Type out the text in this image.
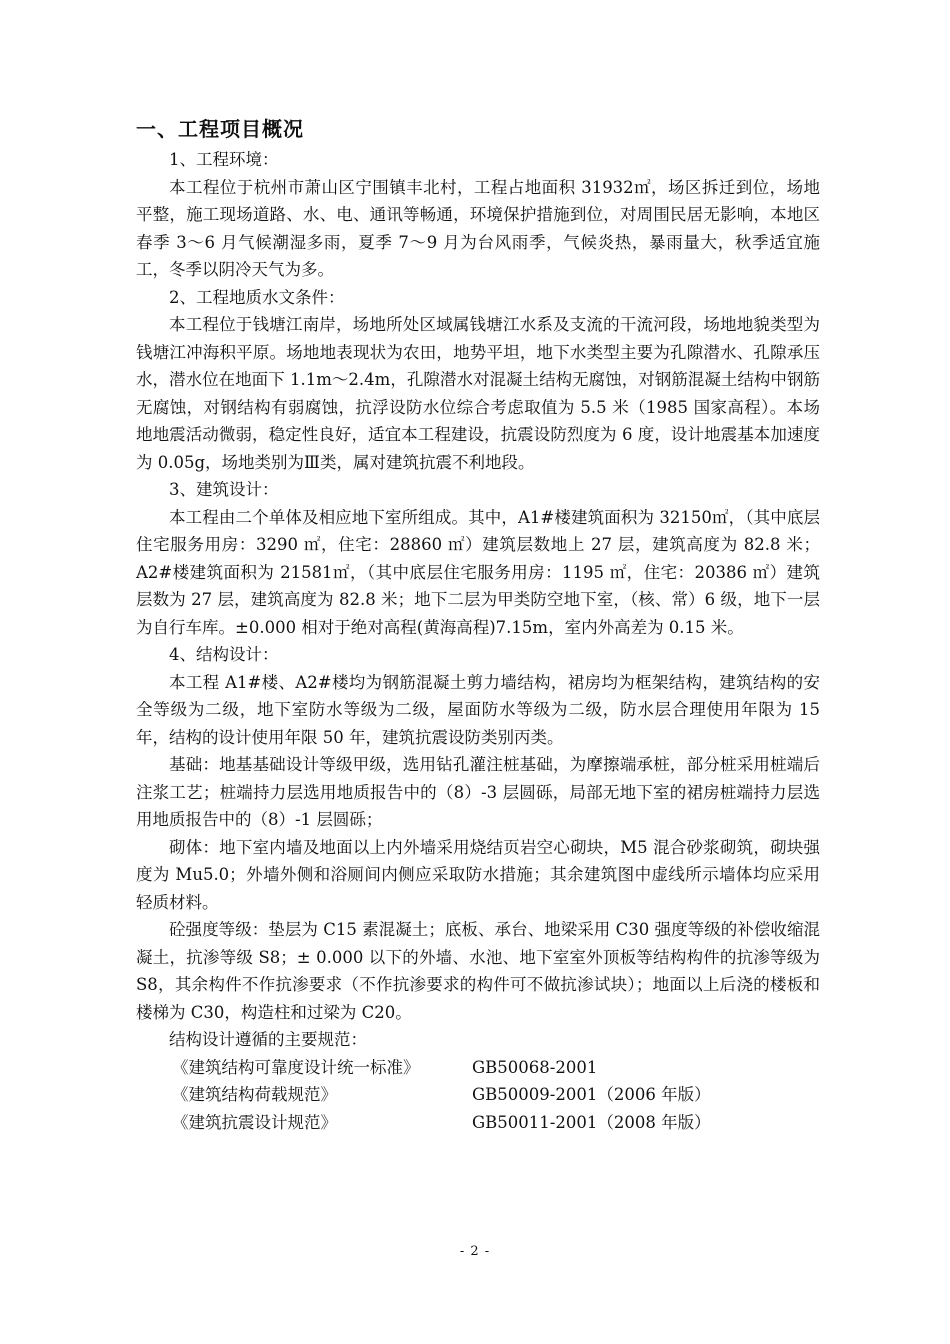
一、工程项目概况

1、工程环境：

本工程位于杭州市萧山区宁围镇丰北村，工程占地面积 31932㎡，场区拆迁到位，场地平整，施工现场道路、水、电、通讯等畅通，环境保护措施到位，对周围民居无影响，本地区春季 3～6 月气候潮湿多雨，夏季 7～9 月为台风雨季，气候炎热，暴雨量大，秋季适宜施工，冬季以阴冷天气为多。

2、工程地质水文条件：

本工程位于钱塘江南岸，场地所处区域属钱塘江水系及支流的干流河段，场地地貌类型为钱塘江冲海积平原。场地地表现状为农田，地势平坦，地下水类型主要为孔隙潜水、孔隙承压水，潜水位在地面下 1.1m～2.4m，孔隙潜水对混凝土结构无腐蚀，对钢筋混凝土结构中钢筋无腐蚀，对钢结构有弱腐蚀，抗浮设防水位综合考虑取值为 5.5 米（1985 国家高程）。本场地地震活动微弱，稳定性良好，适宜本工程建设，抗震设防烈度为 6 度，设计地震基本加速度为 0.05g，场地类别为Ⅲ类，属对建筑抗震不利地段。

3、建筑设计：

本工程由二个单体及相应地下室所组成。其中，A1#楼建筑面积为 32150㎡，（其中底层住宅服务用房：3290 ㎡，住宅：28860 ㎡）建筑层数地上 27 层，建筑高度为 82.8 米；A2#楼建筑面积为 21581㎡，（其中底层住宅服务用房：1195 ㎡，住宅：20386 ㎡）建筑层数为 27 层，建筑高度为 82.8 米；地下二层为甲类防空地下室，（核、常）6 级，地下一层为自行车库。±0.000 相对于绝对高程(黄海高程)7.15m，室内外高差为 0.15 米。

4、结构设计：

本工程 A1#楼、A2#楼均为钢筋混凝土剪力墙结构，裙房均为框架结构，建筑结构的安全等级为二级，地下室防水等级为二级，屋面防水等级为二级，防水层合理使用年限为 15 年，结构的设计使用年限 50 年，建筑抗震设防类别丙类。

基础：地基基础设计等级甲级，选用钻孔灌注桩基础，为摩擦端承桩，部分桩采用桩端后注浆工艺；桩端持力层选用地质报告中的（8）-3 层圆砾，局部无地下室的裙房桩端持力层选用地质报告中的（8）-1 层圆砾；

砌体：地下室内墙及地面以上内外墙采用烧结页岩空心砌块，M5 混合砂浆砌筑，砌块强度为 Mu5.0；外墙外侧和浴厕间内侧应采取防水措施；其余建筑图中虚线所示墙体均应采用轻质材料。

砼强度等级：垫层为 C15 素混凝土；底板、承台、地梁采用 C30 强度等级的补偿收缩混凝土，抗渗等级 S8；± 0.000 以下的外墙、水池、地下室室外顶板等结构构件的抗渗等级为 S8，其余构件不作抗渗要求（不作抗渗要求的构件可不做抗渗试块）；地面以上后浇的楼板和楼梯为 C30，构造柱和过梁为 C20。

结构设计遵循的主要规范：

《建筑结构可靠度设计统一标准》	GB50068-2001
《建筑结构荷载规范》	GB50009-2001（2006 年版）
《建筑抗震设计规范》	GB50011-2001（2008 年版）
- 2 -
